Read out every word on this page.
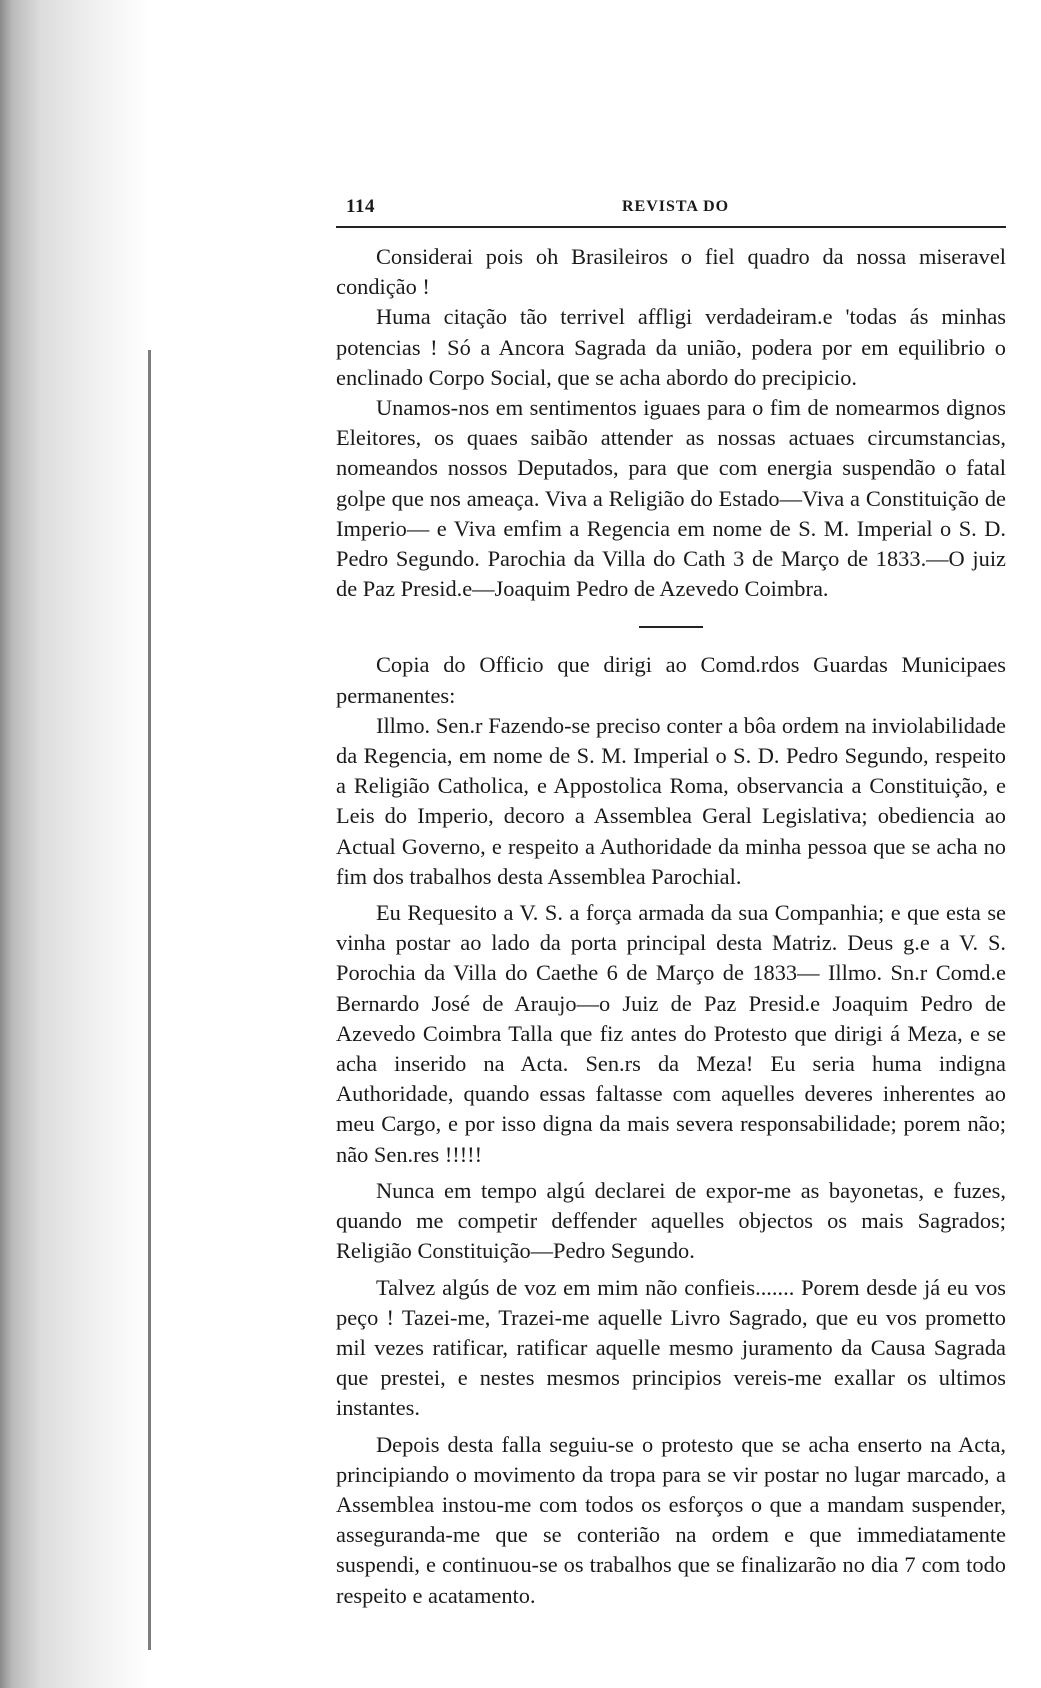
114	REVISTA DO

Considerai pois oh Brasileiros o fiel quadro da nossa miseravel condição !

Huma citação tão terrivel affligi verdadeiram.e 'todas ás minhas potencias ! Só a Ancora Sagrada da união, podera por em equilibrio o enclinado Corpo Social, que se acha abordo do precipicio.

Unamos-nos em sentimentos iguaes para o fim de nomearmos dignos Eleitores, os quaes saibão attender as nossas actuaes circumstancias, nomeandos nossos Deputados, para que com energia suspendão o fatal golpe que nos ameaça. Viva a Religião do Estado—Viva a Constituição de Imperio— e Viva emfim a Regencia em nome de S. M. Imperial o S. D. Pedro Segundo. Parochia da Villa do Cath 3 de Março de 1833.—O juiz de Paz Presid.e—Joaquim Pedro de Azevedo Coimbra.

Copia do Officio que dirigi ao Comd.rdos Guardas Municipaes permanentes:

Illmo. Sen.r Fazendo-se preciso conter a bôa ordem na inviolabilidade da Regencia, em nome de S. M. Imperial o S. D. Pedro Segundo, respeito a Religião Catholica, e Appostolica Roma, observancia a Constituição, e Leis do Imperio, decoro a Assemblea Geral Legislativa; obediencia ao Actual Governo, e respeito a Authoridade da minha pessoa que se acha no fim dos trabalhos desta Assemblea Parochial.

Eu Requesito a V. S. a força armada da sua Companhia; e que esta se vinha postar ao lado da porta principal desta Matriz. Deus g.e a V. S. Porochia da Villa do Caethe 6 de Março de 1833— Illmo. Sn.r Comd.e Bernardo José de Araujo—o Juiz de Paz Presid.e Joaquim Pedro de Azevedo Coimbra Talla que fiz antes do Protesto que dirigi á Meza, e se acha inserido na Acta. Sen.rs da Meza! Eu seria huma indigna Authoridade, quando essas faltasse com aquelles deveres inherentes ao meu Cargo, e por isso digna da mais severa responsabilidade; porem não; não Sen.res !!!!!

Nunca em tempo algú declarei de expor-me as bayonetas, e fuzes, quando me competir deffender aquelles objectos os mais Sagrados; Religião Constituição—Pedro Segundo.

Talvez algús de voz em mim não confieis....... Porem desde já eu vos peço ! Tazei-me, Trazei-me aquelle Livro Sagrado, que eu vos prometto mil vezes ratificar, ratificar aquelle mesmo juramento da Causa Sagrada que prestei, e nestes mesmos principios vereis-me exallar os ultimos instantes.

Depois desta falla seguiu-se o protesto que se acha enserto na Acta, principiando o movimento da tropa para se vir postar no lugar marcado, a Assemblea instou-me com todos os esforços o que a mandam suspender, asseguranda-me que se conterião na ordem e que immediatamente suspendi, e continuou-se os trabalhos que se finalizarão no dia 7 com todo respeito e acatamento.
